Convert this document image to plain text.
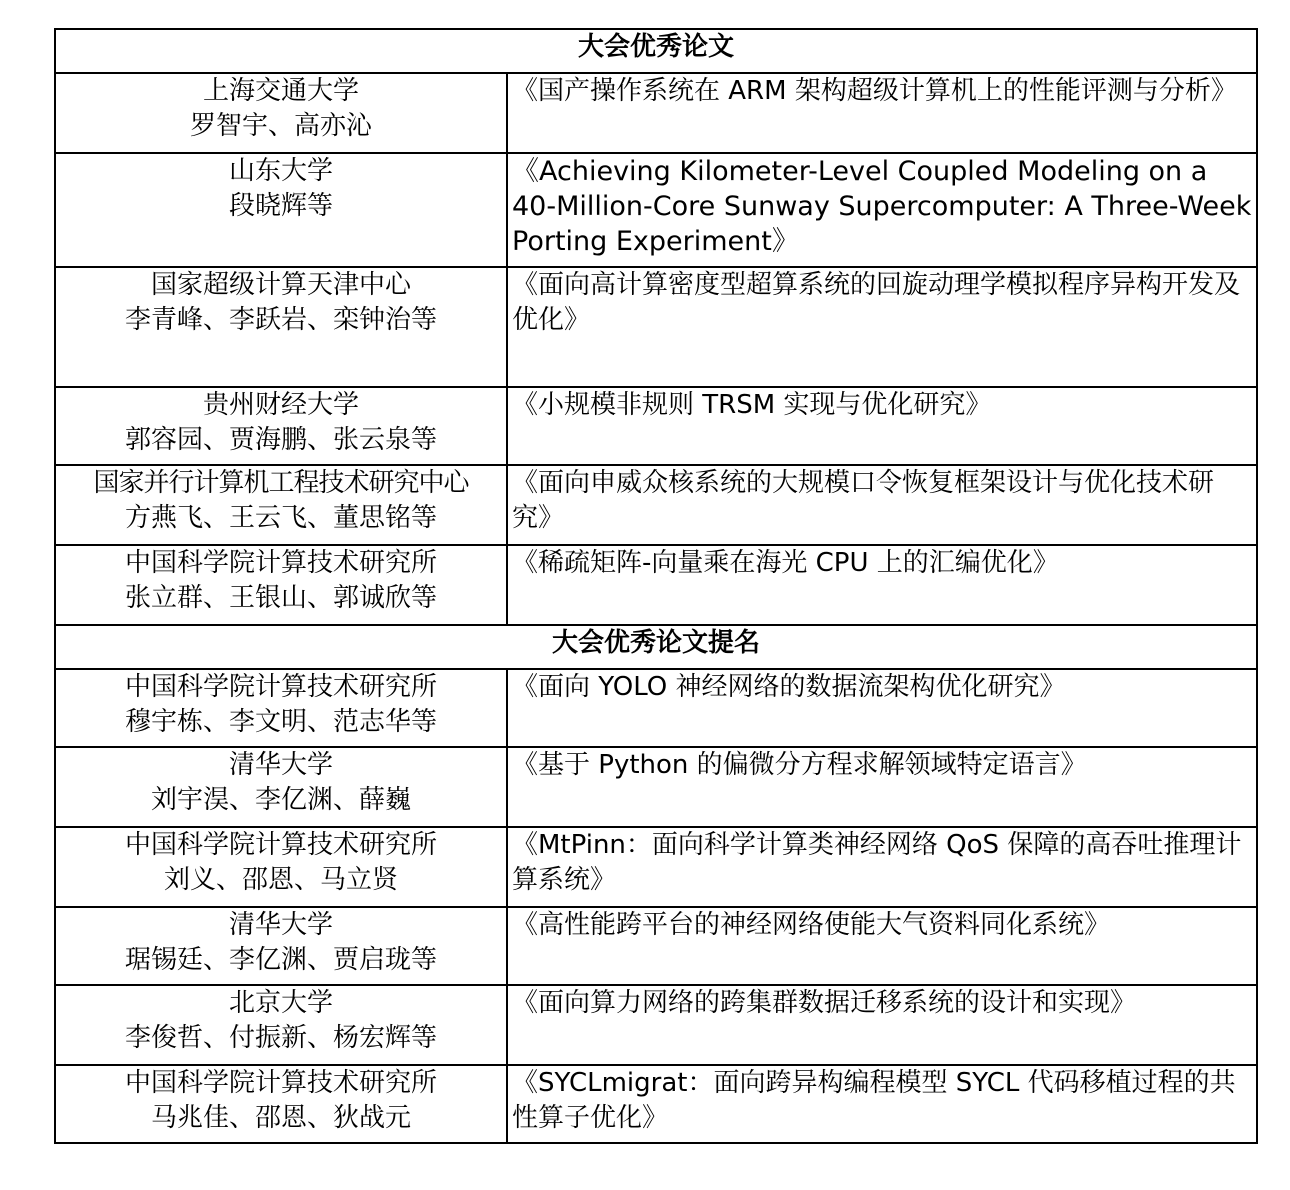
大会优秀论文	

上海交通大学
罗智宇、高亦沁	《国产操作系统在 ARM 架构超级计算机上的性能评测与分析》

山东大学
段晓辉等	《Achieving Kilometer-Level Coupled Modeling on a 40-Million-Core Sunway Supercomputer: A Three-Week Porting Experiment》

国家超级计算天津中心
李青峰、李跃岩、栾钟治等	《面向高计算密度型超算系统的回旋动理学模拟程序异构开发及优化》

贵州财经大学
郭容园、贾海鹏、张云泉等	《小规模非规则 TRSM 实现与优化研究》

国家并行计算机工程技术研究中心
方燕飞、王云飞、董思铭等	《面向申威众核系统的大规模口令恢复框架设计与优化技术研究》

中国科学院计算技术研究所
张立群、王银山、郭诚欣等	《稀疏矩阵-向量乘在海光 CPU 上的汇编优化》
大会优秀论文提名	

中国科学院计算技术研究所
穆宇栋、李文明、范志华等	《面向 YOLO 神经网络的数据流架构优化研究》

清华大学
刘宇淏、李亿渊、薛巍	《基于 Python 的偏微分方程求解领域特定语言》

中国科学院计算技术研究所
刘义、邵恩、马立贤	《MtPinn：面向科学计算类神经网络 QoS 保障的高吞吐推理计算系统》

清华大学
琚锡廷、李亿渊、贾启珑等	《高性能跨平台的神经网络使能大气资料同化系统》

北京大学
李俊哲、付振新、杨宏辉等	《面向算力网络的跨集群数据迁移系统的设计和实现》

中国科学院计算技术研究所
马兆佳、邵恩、狄战元	《SYCLmigrat：面向跨异构编程模型 SYCL 代码移植过程的共性算子优化》
